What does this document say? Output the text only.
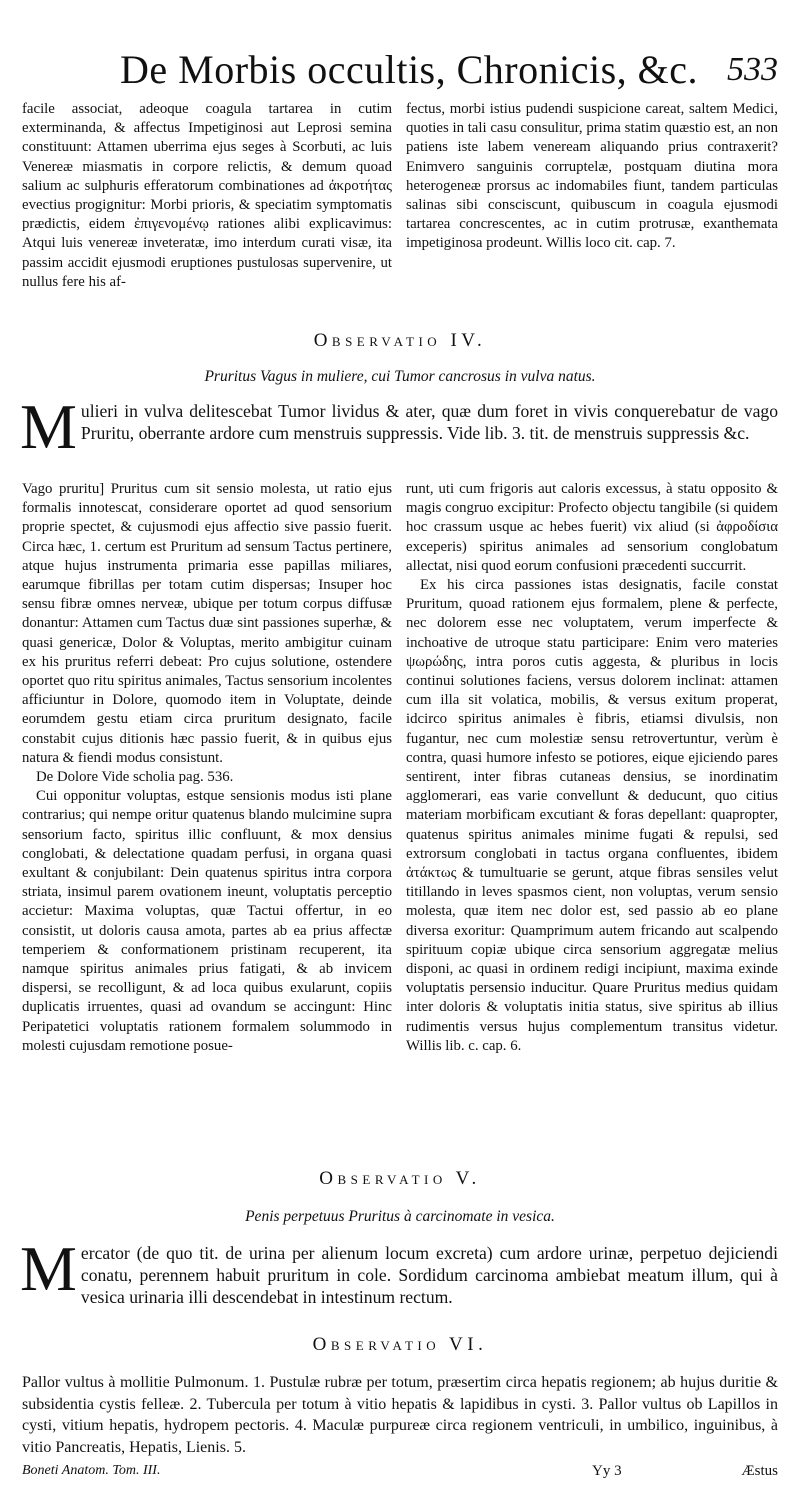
De Morbis occultis, Chronicis, &c. 533

facile associat, adeoque coagula tartarea in cutim exterminanda, & affectus Impetiginosi aut Leprosi semina constituunt: Attamen uberrima ejus seges à Scorbuti, ac luis Venereæ miasmatis in corpore relictis, & demum quoad salium ac sulphuris efferatorum combinationes ad ἀκροτήτας evectius progignitur: Morbi prioris, & speciatim symptomatis prædictis, eidem ἐπιγενομένῳ rationes alibi explicavimus: Atqui luis venereæ inveteratæ, imo interdum curati visæ, ita passim accidit ejusmodi eruptiones pustulosas supervenire, ut nullus fere his af-

fectus, morbi istius pudendi suspicione careat, saltem Medici, quoties in tali casu consulitur, prima statim quæstio est, an non patiens iste labem veneream aliquando prius contraxerit? Enimvero sanguinis corruptelæ, postquam diutina mora heterogeneæ prorsus ac indomabiles fiunt, tandem particulas salinas sibi consciscunt, quibuscum in coagula ejusmodi tartarea concrescentes, ac in cutim protrusæ, exanthemata impetiginosa prodeunt. Willis loco cit. cap. 7.

Observatio IV.
Pruritus Vagus in muliere, cui Tumor cancrosus in vulva natus.

Mulieri in vulva delitescebat Tumor lividus & ater, quæ dum foret in vivis conquerebatur de vago Pruritu, oberrante ardore cum menstruis suppressis. Vide lib. 3. tit. de menstruis suppressis &c.

Vago pruritu] Pruritus cum sit sensio molesta, ut ratio ejus formalis innotescat, considerare oportet ad quod sensorium proprie spectet, & cujusmodi ejus affectio sive passio fuerit. Circa hæc, 1. certum est Pruritum ad sensum Tactus pertinere, atque hujus instrumenta primaria esse papillas miliares, earumque fibrillas per totam cutim dispersas; Insuper hoc sensu fibræ omnes nerveæ, ubique per totum corpus diffusæ donantur: Attamen cum Tactus duæ sint passiones superhæ, & quasi genericæ, Dolor & Voluptas, merito ambigitur cuinam ex his pruritus referri debeat: Pro cujus solutione, ostendere oportet quo ritu spiritus animales, Tactus sensorium incolentes afficiuntur in Dolore, quomodo item in Voluptate, deinde eorumdem gestu etiam circa pruritum designato, facile constabit cujus ditionis hæc passio fuerit, & in quibus ejus natura & fiendi modus consistunt.

De Dolore Vide scholia pag. 536.

Cui opponitur voluptas, estque sensionis modus isti plane contrarius; qui nempe oritur quatenus blando mulcimine supra sensorium facto, spiritus illic confluunt, & mox densius conglobati, & delectatione quadam perfusi, in organa quasi exultant & conjubilant: Dein quatenus spiritus intra corpora striata, insimul parem ovationem ineunt, voluptatis perceptio accietur: Maxima voluptas, quæ Tactui offertur, in eo consistit, ut doloris causa amota, partes ab ea prius affectæ temperiem & conformationem pristinam recuperent, ita namque spiritus animales prius fatigati, & ab invicem dispersi, se recolligunt, & ad loca quibus exularunt, copiis duplicatis irruentes, quasi ad ovandum se accingunt: Hinc Peripatetici voluptatis rationem formalem solummodo in molesti cujusdam remotione posue-

runt, uti cum frigoris aut caloris excessus, à statu opposito & magis congruo excipitur: Profecto objectu tangibile (si quidem hoc crassum usque ac hebes fuerit) vix aliud (si ἀφροδίσια exceperis) spiritus animales ad sensorium conglobatum allectat, nisi quod eorum confusioni præcedenti succurrit.

Ex his circa passiones istas designatis, facile constat Pruritum, quoad rationem ejus formalem, plene & perfecte, nec dolorem esse nec voluptatem, verum imperfecte & inchoative de utroque statu participare: Enim vero materies ψωρώδης, intra poros cutis aggesta, & pluribus in locis continui solutiones faciens, versus dolorem inclinat: attamen cum illa sit volatica, mobilis, & versus exitum properat, idcirco spiritus animales è fibris, etiamsi divulsis, non fugantur, nec cum molestiæ sensu retrovertuntur, verùm è contra, quasi humore infesto se potiores, eique ejiciendo pares sentirent, inter fibras cutaneas densius, se inordinatim agglomerari, eas varie convellunt & deducunt, quo citius materiam morbificam excutiant & foras depellant: quapropter, quatenus spiritus animales minime fugati & repulsi, sed extrorsum conglobati in tactus organa confluentes, ibidem ἀτάκτως & tumultuarie se gerunt, atque fibras sensiles velut titillando in leves spasmos cient, non voluptas, verum sensio molesta, quæ item nec dolor est, sed passio ab eo plane diversa exoritur: Quamprimum autem fricando aut scalpendo spirituum copiæ ubique circa sensorium aggregatæ melius disponi, ac quasi in ordinem redigi incipiunt, maxima exinde voluptatis persensio inducitur. Quare Pruritus medius quidam inter doloris & voluptatis initia status, sive spiritus ab illius rudimentis versus hujus complementum transitus videtur. Willis lib. c. cap. 6.

Observatio V.
Penis perpetuus Pruritus à carcinomate in vesica.

Mercator (de quo tit. de urina per alienum locum excreta) cum ardore urinæ, perpetuo dejiciendi conatu, perennem habuit pruritum in cole. Sordidum carcinoma ambiebat meatum illum, qui à vesica urinaria illi descendebat in intestinum rectum.

Observatio VI.

Pallor vultus à mollitie Pulmonum. 1. Pustulæ rubræ per totum, præsertim circa hepatis regionem; ab hujus duritie & subsidentia cystis felleæ. 2. Tubercula per totum à vitio hepatis & lapidibus in cysti. 3. Pallor vultus ob Lapillos in cysti, vitium hepatis, hydropem pectoris. 4. Maculæ purpureæ circa regionem ventriculi, in umbilico, inguinibus, à vitio Pancreatis, Hepatis, Lienis. 5.

Boneti Anatom. Tom. III.	Yy 3	Æstus
